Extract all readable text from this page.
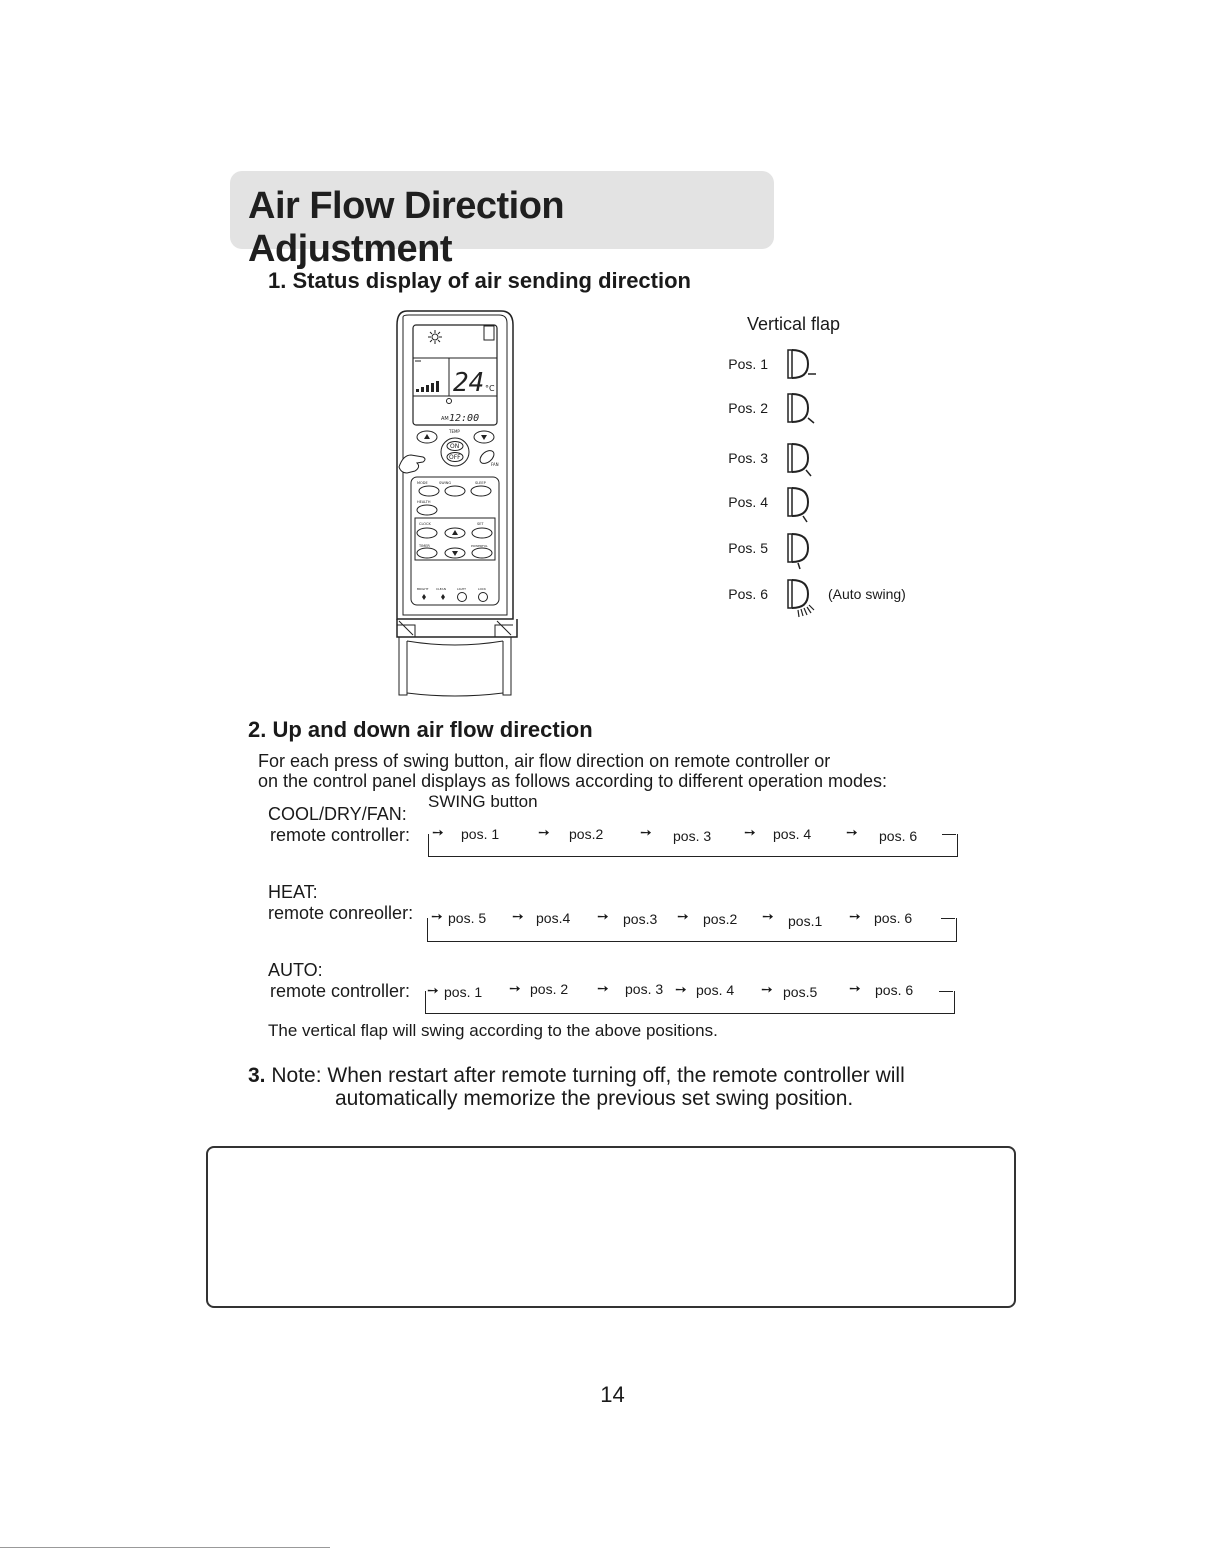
Air Flow Direction Adjustment
1. Status display of air sending direction
24 °C
AM 12:00
TEMP
ON
OFF
FAN
MODE	SWING	SLEEP
HEALTH
CLOCK	SET
TIMER	POWERFUL
BRIGHT	CLEAN	LIGHT	LOCK
Vertical flap
Pos. 1
Pos. 2
Pos. 3
Pos. 4
Pos. 5
Pos. 6	(Auto swing)
2. Up and down air flow direction
For each press of swing button, air flow direction on remote controller or
on the control panel displays as follows according to different operation modes:
SWING button
COOL/DRY/FAN:
remote controller: ➙ pos. 1	➙ pos.2	➙ pos. 3 ➙ pos. 4 ➙ pos. 6
HEAT:
remote conreoller: ➙ pos. 5 ➙ pos.4 ➙ pos.3 ➙ pos.2 ➙ pos.1 ➙ pos. 6
AUTO:
remote controller: ➙ pos. 1 ➙ pos. 2 ➙ pos. 3 ➙ pos. 4 ➙ pos.5 ➙ pos. 6
The vertical flap will swing according to the above positions.
3. Note: When restart after remote turning off, the remote controller will
automatically memorize the previous set swing position.
14
